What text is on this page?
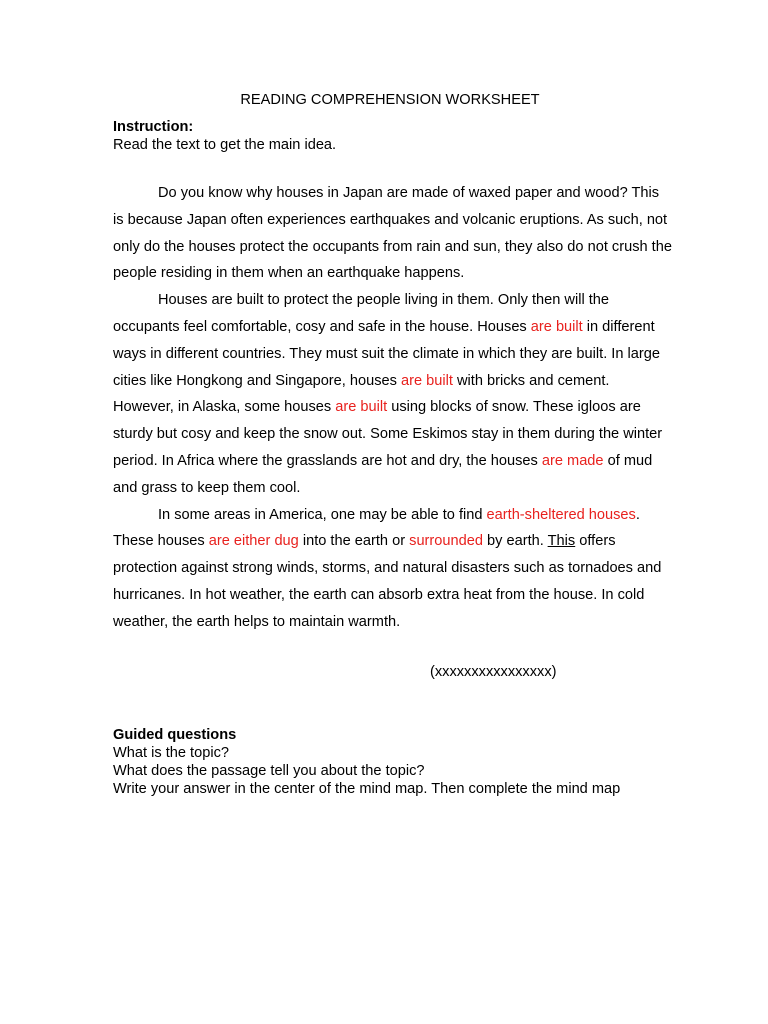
READING COMPREHENSION WORKSHEET
Instruction:
Read the text to get the main idea.

Do you know why houses in Japan are made of waxed paper and wood? This is because Japan often experiences earthquakes and volcanic eruptions. As such, not only do the houses protect the occupants from rain and sun, they also do not crush the people residing in them when an earthquake happens.

Houses are built to protect the people living in them. Only then will the occupants feel comfortable, cosy and safe in the house. Houses are built in different ways in different countries. They must suit the climate in which they are built. In large cities like Hongkong and Singapore, houses are built with bricks and cement. However, in Alaska, some houses are built using blocks of snow. These igloos are sturdy but cosy and keep the snow out. Some Eskimos stay in them during the winter period. In Africa where the grasslands are hot and dry, the houses are made of mud and grass to keep them cool.

In some areas in America, one may be able to find earth-sheltered houses. These houses are either dug into the earth or surrounded by earth. This offers protection against strong winds, storms, and natural disasters such as tornadoes and hurricanes. In hot weather, the earth can absorb extra heat from the house. In cold weather, the earth helps to maintain warmth.

(xxxxxxxxxxxxxxxx)
Guided questions
What is the topic?
What does the passage tell you about the topic?
Write your answer in the center of the mind map. Then complete the mind map
